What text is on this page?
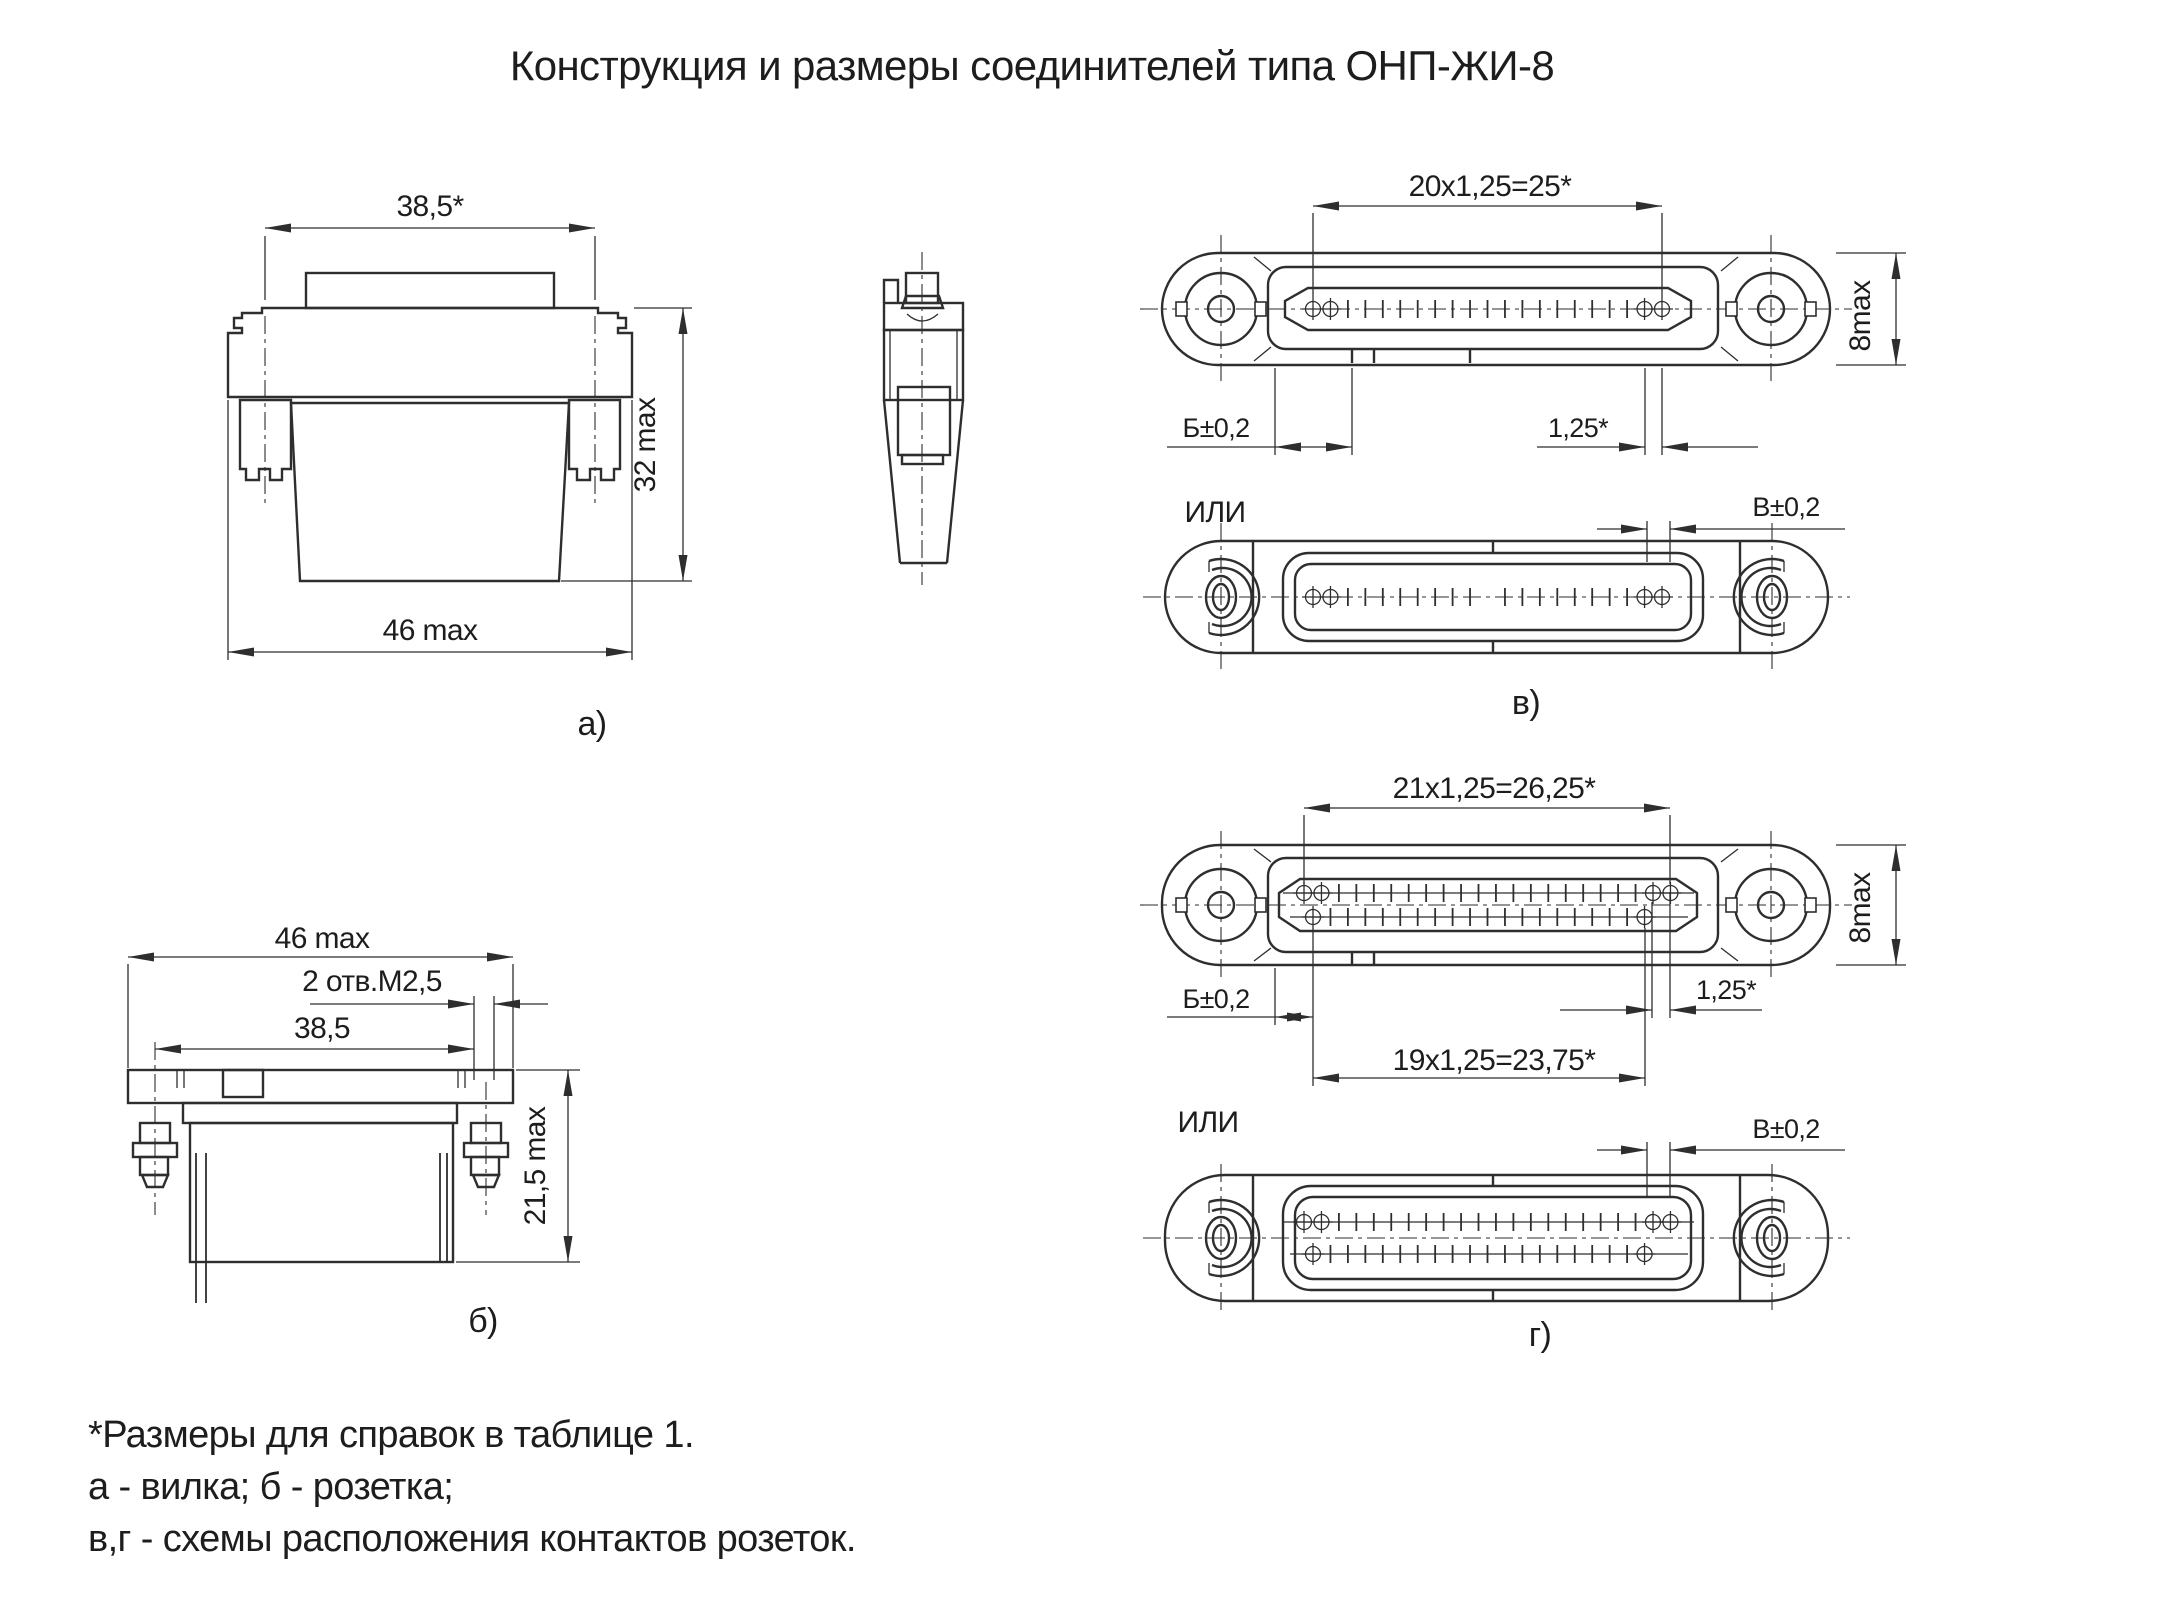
Конструкция и размеры соединителей типа ОНП-ЖИ-8
38,5*
32 max
46 max
а)
46 max
2 отв.М2,5
38,5
21,5 max
б)
20х1,25=25*
8max
Б±0,2	1,25*
ИЛИ	В±0,2
в)
21х1,25=26,25*
8max
Б±0,2	1,25*
19х1,25=23,75*
ИЛИ	В±0,2
г)
*Размеры для справок в таблице 1.
а - вилка; б - розетка;
в,г - схемы расположения контактов розеток.
